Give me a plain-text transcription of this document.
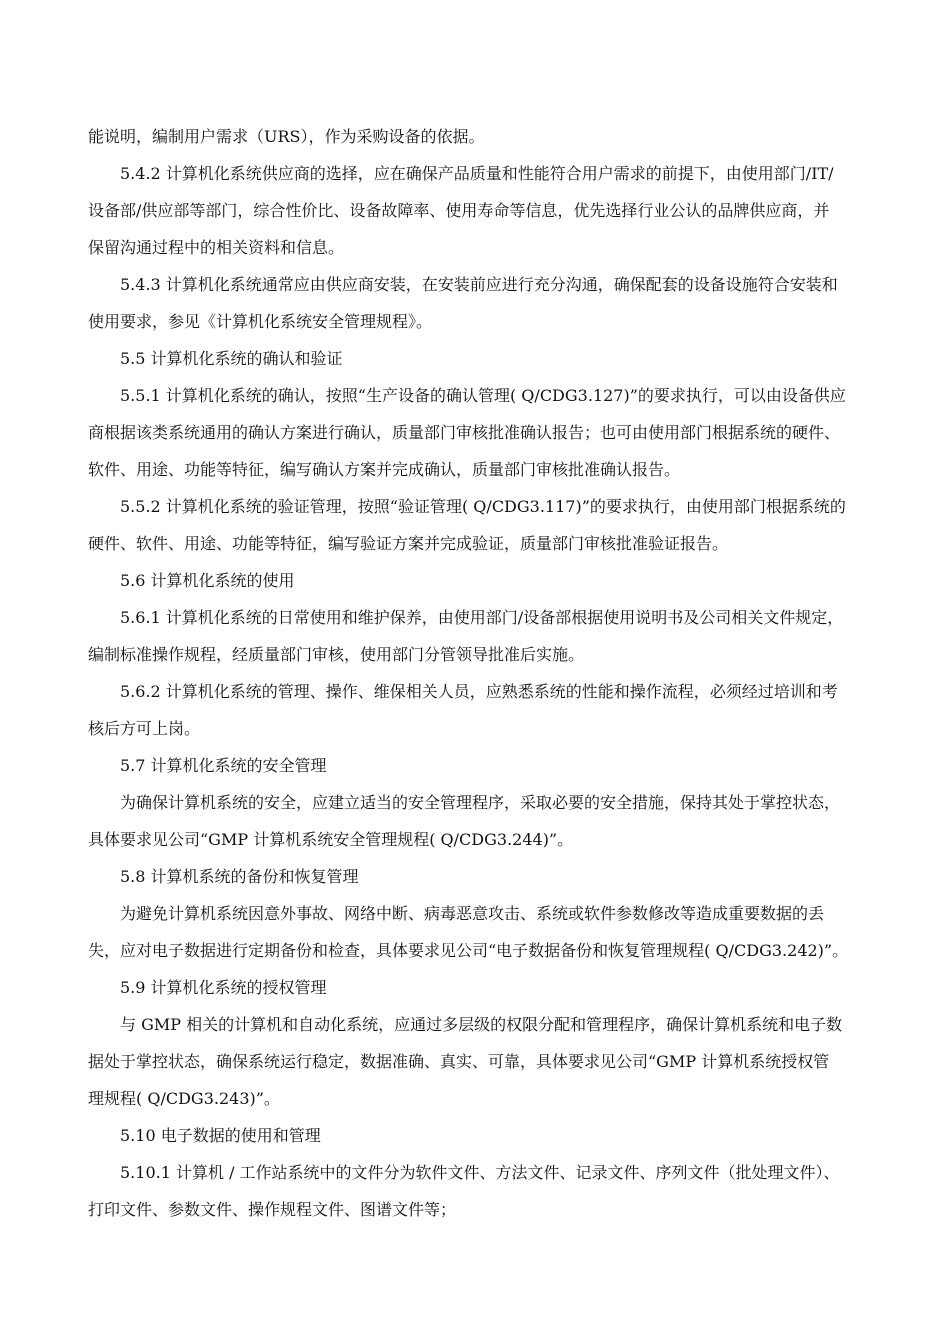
能说明，编制用户需求（URS），作为采购设备的依据。
5.4.2 计算机化系统供应商的选择，应在确保产品质量和性能符合用户需求的前提下，由使用部门/IT/
设备部/供应部等部门，综合性价比、设备故障率、使用寿命等信息，优先选择行业公认的品牌供应商，并
保留沟通过程中的相关资料和信息。
5.4.3 计算机化系统通常应由供应商安装，在安装前应进行充分沟通，确保配套的设备设施符合安装和
使用要求，参见《计算机化系统安全管理规程》。
5.5 计算机化系统的确认和验证
5.5.1 计算机化系统的确认，按照“生产设备的确认管理( Q/CDG3.127)”的要求执行，可以由设备供应
商根据该类系统通用的确认方案进行确认，质量部门审核批准确认报告；也可由使用部门根据系统的硬件、
软件、用途、功能等特征，编写确认方案并完成确认，质量部门审核批准确认报告。
5.5.2 计算机化系统的验证管理，按照“验证管理( Q/CDG3.117)”的要求执行，由使用部门根据系统的
硬件、软件、用途、功能等特征，编写验证方案并完成验证，质量部门审核批准验证报告。
5.6 计算机化系统的使用
5.6.1 计算机化系统的日常使用和维护保养，由使用部门/设备部根据使用说明书及公司相关文件规定，
编制标准操作规程，经质量部门审核，使用部门分管领导批准后实施。
5.6.2 计算机化系统的管理、操作、维保相关人员，应熟悉系统的性能和操作流程，必须经过培训和考
核后方可上岗。
5.7 计算机化系统的安全管理
为确保计算机系统的安全，应建立适当的安全管理程序，采取必要的安全措施，保持其处于掌控状态，
具体要求见公司“GMP 计算机系统安全管理规程( Q/CDG3.244)”。
5.8 计算机系统的备份和恢复管理
为避免计算机系统因意外事故、网络中断、病毒恶意攻击、系统或软件参数修改等造成重要数据的丢
失，应对电子数据进行定期备份和检查，具体要求见公司“电子数据备份和恢复管理规程( Q/CDG3.242)”。
5.9 计算机化系统的授权管理
与 GMP 相关的计算机和自动化系统，应通过多层级的权限分配和管理程序，确保计算机系统和电子数
据处于掌控状态，确保系统运行稳定，数据准确、真实、可靠，具体要求见公司“GMP 计算机系统授权管
理规程( Q/CDG3.243)”。
5.10 电子数据的使用和管理
5.10.1 计算机 / 工作站系统中的文件分为软件文件、方法文件、记录文件、序列文件（批处理文件）、
打印文件、参数文件、操作规程文件、图谱文件等；
